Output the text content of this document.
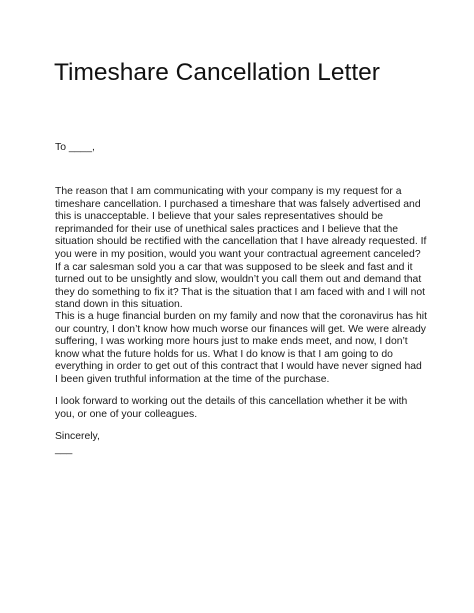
Timeshare Cancellation Letter
To ____,

The reason that I am communicating with your company is my request for a timeshare cancellation. I purchased a timeshare that was falsely advertised and this is unacceptable. I believe that your sales representatives should be reprimanded for their use of unethical sales practices and I believe that the situation should be rectified with the cancellation that I have already requested. If you were in my position, would you want your contractual agreement canceled? If a car salesman sold you a car that was supposed to be sleek and fast and it turned out to be unsightly and slow, wouldn’t you call them out and demand that they do something to fix it? That is the situation that I am faced with and I will not stand down in this situation.

This is a huge financial burden on my family and now that the coronavirus has hit our country, I don’t know how much worse our finances will get. We were already suffering, I was working more hours just to make ends meet, and now, I don’t know what the future holds for us. What I do know is that I am going to do everything in order to get out of this contract that I would have never signed had I been given truthful information at the time of the purchase.

I look forward to working out the details of this cancellation whether it be with you, or one of your colleagues.

Sincerely,
___
